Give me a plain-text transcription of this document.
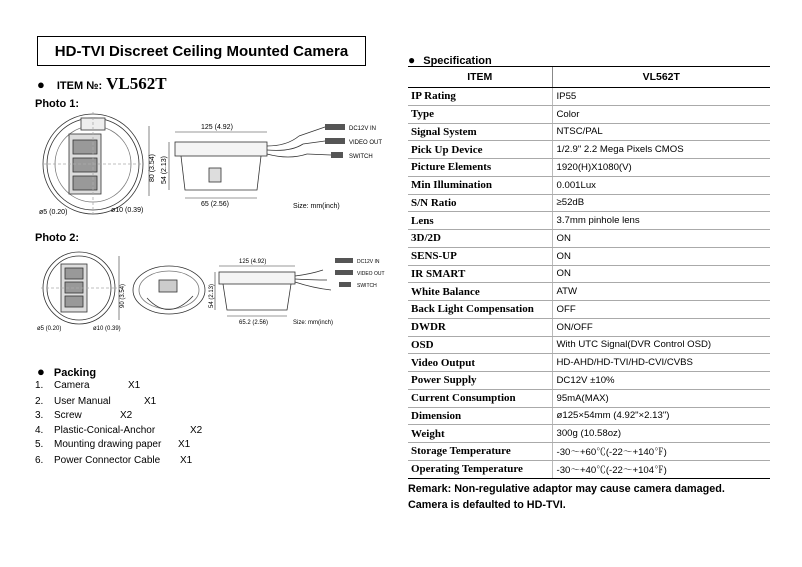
HD-TVI Discreet Ceiling Mounted Camera
● ITEM №: VL562T
Photo 1:
ø5 (0.20)	ø10 (0.39)
80 (3.54)
125 (4.92)
54 (2.13)
65 (2.56)
DC12V IN
VIDEO OUT
SWITCH
Size: mm(inch)
Photo 2:
ø5 (0.20)	ø10 (0.39)
90 (3.54)
125 (4.92)
54 (2.13)
65.2 (2.56)
DC12V IN
VIDEO OUT
SWITCH
Size: mm(inch)
● Packing
1. Camera	X1
2. User Manual	X1
3. Screw	X2
4. Plastic-Conical-Anchor	X2
5. Mounting drawing paper X1
6. Power Connector Cable X1
● Specification
ITEM	VL562T
IP Rating	IP55
Type	Color
Signal System	NTSC/PAL
Pick Up Device	1/2.9" 2.2 Mega Pixels CMOS
Picture Elements	1920(H)X1080(V)
Min Illumination	0.001Lux
S/N Ratio	≥52dB
Lens	3.7mm pinhole lens
3D/2D	ON
SENS-UP	ON
IR SMART	ON
White Balance	ATW
Back Light Compensation	OFF
DWDR	ON/OFF
OSD	With UTC Signal(DVR Control OSD)
Video Output	HD-AHD/HD-TVI/HD-CVI/CVBS
Power Supply	DC12V ±10%
Current Consumption	95mA(MAX)
Dimension	ø125×54mm (4.92"×2.13")
Weight	300g (10.58oz)
Storage Temperature	-30～+60℃(-22～+140℉)
Operating Temperature	-30～+40℃(-22～+104℉)
Remark: Non-regulative adaptor may cause camera damaged.
Camera is defaulted to HD-TVI.
